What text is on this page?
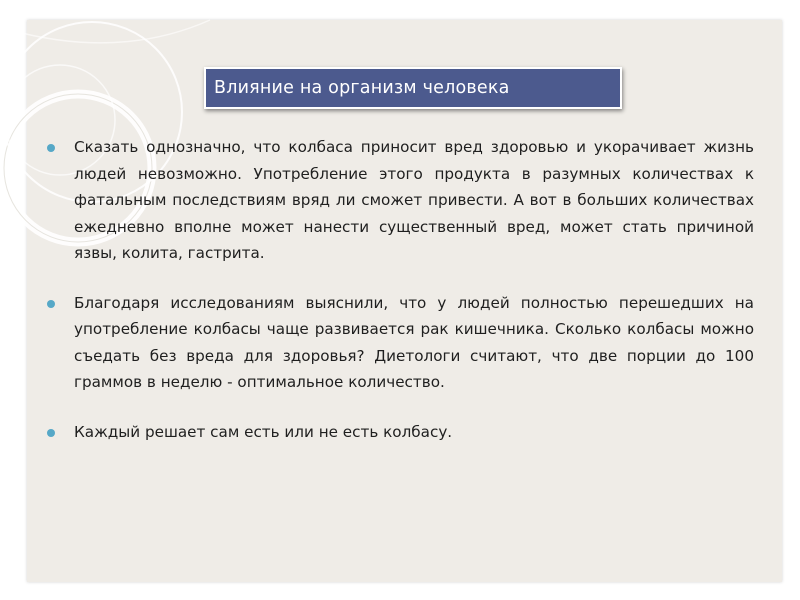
Влияние на организм человека
Сказать однозначно, что колбаса приносит вред здоровью и укорачивает жизнь людей невозможно. Употребление этого продукта в разумных количествах к фатальным последствиям вряд ли сможет привести. А вот в больших количествах ежедневно вполне может нанести существенный вред, может стать причиной язвы, колита, гастрита.
Благодаря исследованиям выяснили, что у людей полностью перешедших на употребление колбасы чаще развивается рак кишечника. Сколько колбасы можно съедать без вреда для здоровья? Диетологи считают, что две порции до 100 граммов в неделю - оптимальное количество.
Каждый решает сам есть или не есть колбасу.
